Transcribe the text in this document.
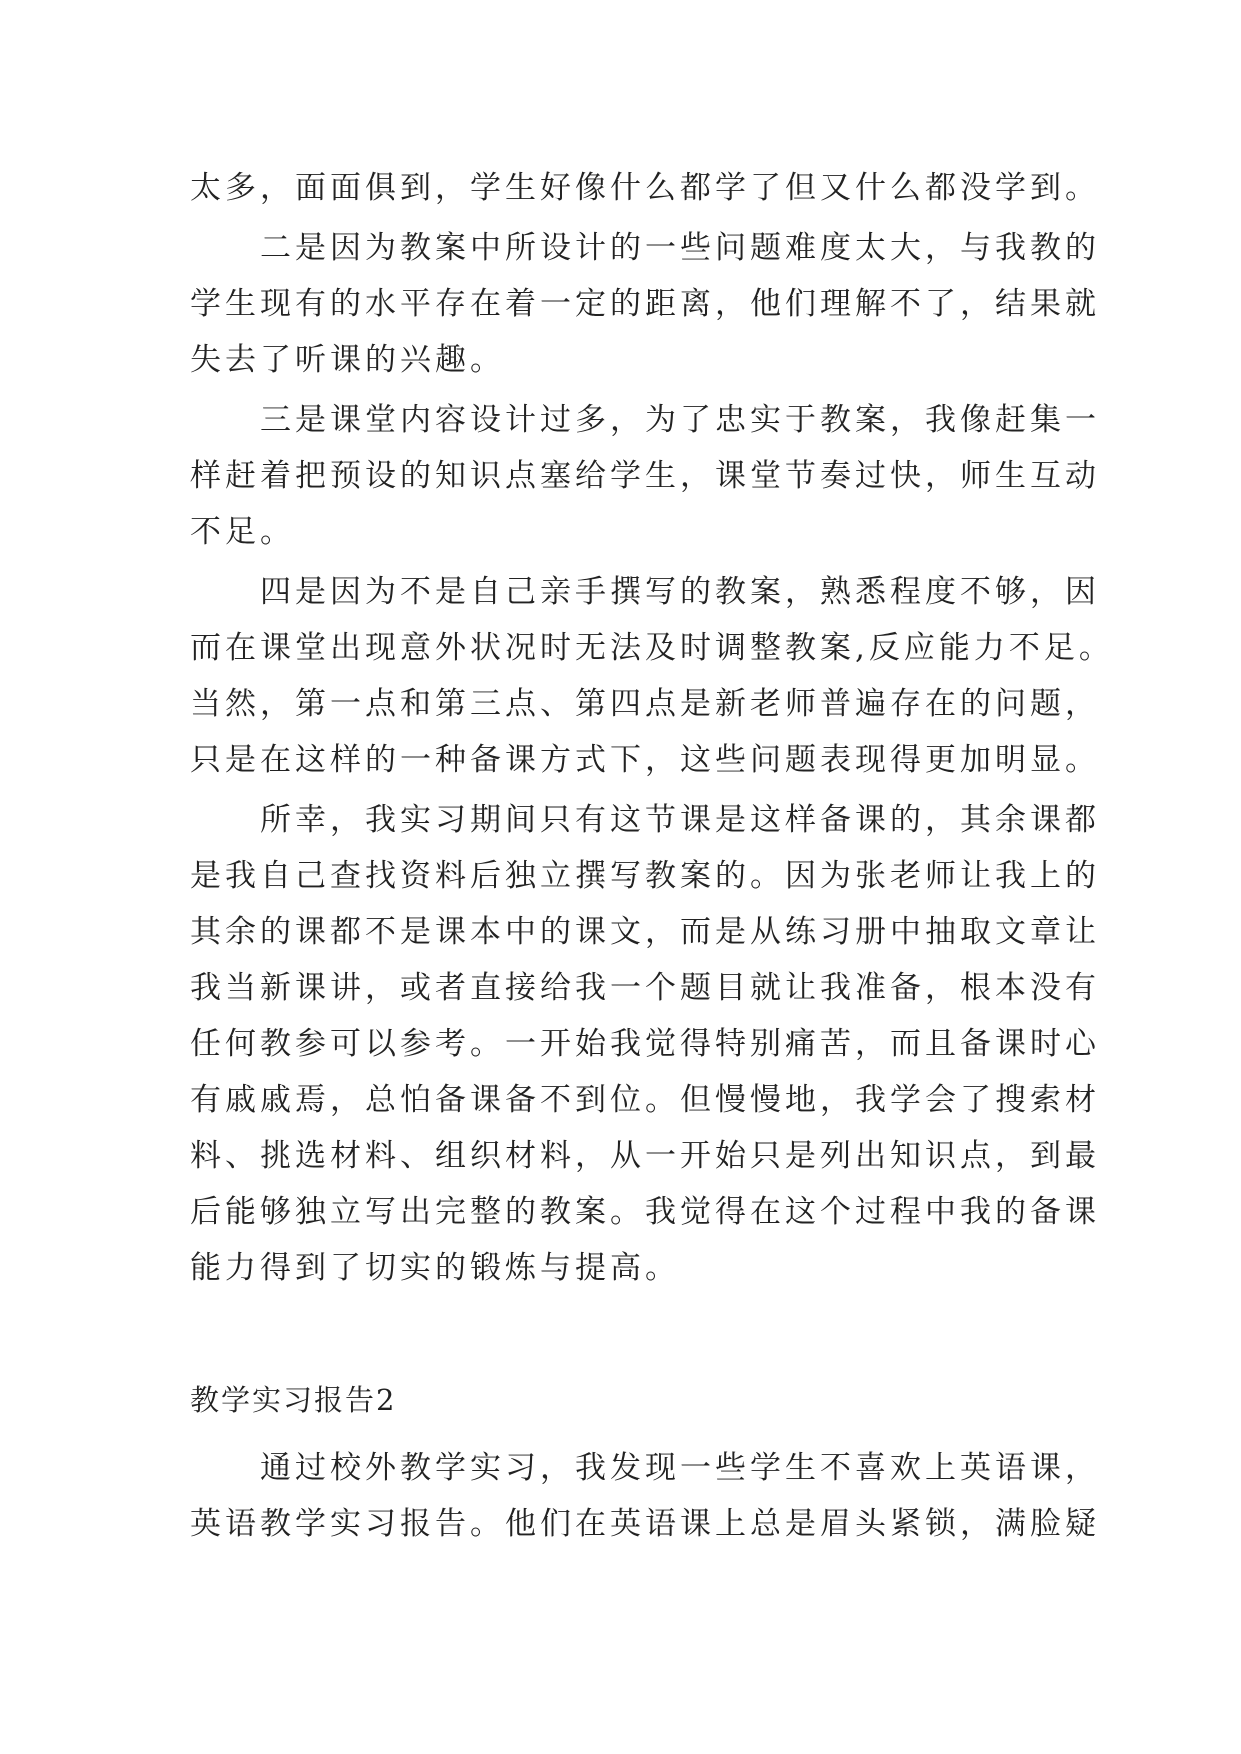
太多，面面俱到，学生好像什么都学了但又什么都没学到。
　　二是因为教案中所设计的一些问题难度太大，与我教的
学生现有的水平存在着一定的距离，他们理解不了，结果就
失去了听课的兴趣。
　　三是课堂内容设计过多，为了忠实于教案，我像赶集一
样赶着把预设的知识点塞给学生，课堂节奏过快，师生互动
不足。
　　四是因为不是自己亲手撰写的教案，熟悉程度不够，因
而在课堂出现意外状况时无法及时调整教案,反应能力不足。
当然，第一点和第三点、第四点是新老师普遍存在的问题，
只是在这样的一种备课方式下，这些问题表现得更加明显。
　　所幸，我实习期间只有这节课是这样备课的，其余课都
是我自己查找资料后独立撰写教案的。因为张老师让我上的
其余的课都不是课本中的课文，而是从练习册中抽取文章让
我当新课讲，或者直接给我一个题目就让我准备，根本没有
任何教参可以参考。一开始我觉得特别痛苦，而且备课时心
有戚戚焉，总怕备课备不到位。但慢慢地，我学会了搜索材
料、挑选材料、组织材料，从一开始只是列出知识点，到最
后能够独立写出完整的教案。我觉得在这个过程中我的备课
能力得到了切实的锻炼与提高。
教学实习报告2
　　通过校外教学实习，我发现一些学生不喜欢上英语课，
英语教学实习报告。他们在英语课上总是眉头紧锁，满脸疑
